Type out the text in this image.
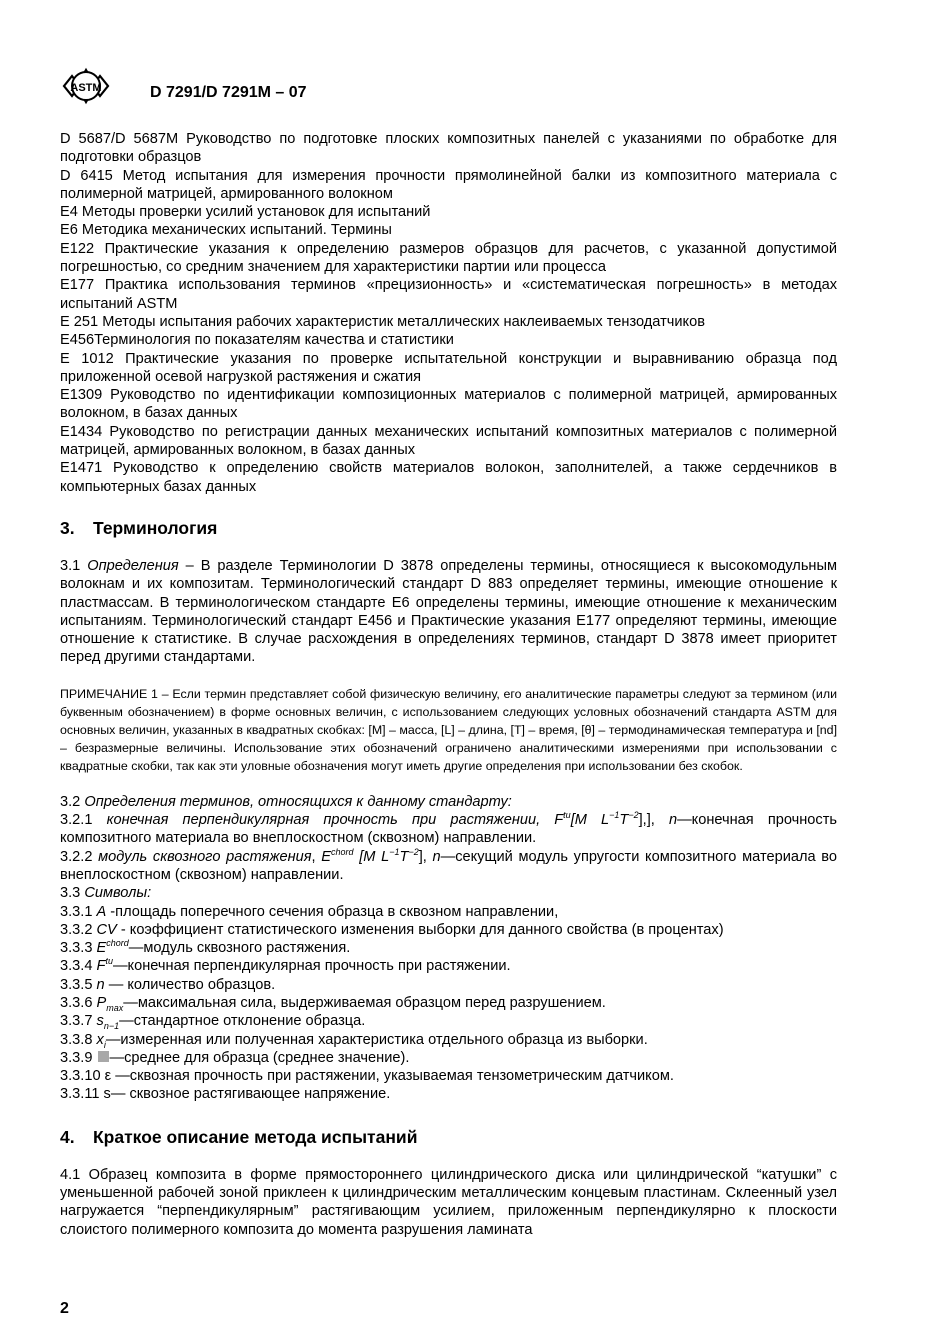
ASTM	D 7291/D 7291M – 07

D 5687/D 5687M Руководство по подготовке плоских композитных панелей с указаниями по обработке для подготовки образцов

D 6415 Метод испытания для измерения прочности прямолинейной балки из композитного материала с полимерной матрицей, армированного волокном

E4 Методы проверки усилий установок для испытаний

E6 Методика механических испытаний. Термины

E122 Практические указания к определению размеров образцов для расчетов, с указанной допустимой погрешностью, со средним значением для характеристики партии или процесса

E177 Практика использования терминов «прецизионность» и «систематическая погрешность» в методах испытаний ASTM

E 251 Методы испытания рабочих характеристик металлических наклеиваемых тензодатчиков

E456Терминология по показателям качества и статистики

E 1012 Практические указания по проверке испытательной конструкции и выравниванию образца под приложенной осевой нагрузкой растяжения и сжатия

E1309 Руководство по идентификации композиционных материалов с полимерной матрицей, армированных волокном, в базах данных

E1434 Руководство по регистрации данных механических испытаний композитных материалов с полимерной матрицей, армированных волокном, в базах данных

E1471 Руководство к определению свойств материалов волокон, заполнителей, а также сердечников в компьютерных базах данных

3. Терминология

3.1 Определения – В разделе Терминологии D 3878 определены термины, относящиеся к высокомодульным волокнам и их композитам. Терминологический стандарт D 883 определяет термины, имеющие отношение к пластмассам. В терминологическом стандарте E6 определены термины, имеющие отношение к механическим испытаниям. Терминологический стандарт E456 и Практические указания E177 определяют термины, имеющие отношение к статистике. В случае расхождения в определениях терминов, стандарт D 3878 имеет приоритет перед другими стандартами.

ПРИМЕЧАНИЕ 1 – Если термин представляет собой физическую величину, его аналитические параметры следуют за термином (или буквенным обозначением) в форме основных величин, с использованием следующих условных обозначений стандарта ASTM для основных величин, указанных в квадратных скобках: [M] – масса, [L] – длина, [T] – время, [θ] – термодинамическая температура и [nd] – безразмерные величины. Использование этих обозначений ограничено аналитическими измерениями при использовании с квадратные скобки, так как эти уловные обозначения могут иметь другие определения при использовании без скобок.

3.2 Определения терминов, относящихся к данному стандарту:

3.2.1 конечная перпендикулярная прочность при растяжении, $F^{tu}[M$ $L^{-1}T^{-2}$],], n—конечная прочность композитного материала во внеплоскостном (сквозном) направлении.

3.2.2 модуль сквозного растяжения, $E^{chord}$ [M $L^{-1}T^{-2}$], n—секущий модуль упругости композитного материала во внеплоскостном (сквозном) направлении.

3.3 Символы:

3.3.1 A -площадь поперечного сечения образца в сквозном направлении,

3.3.2 CV - коэффициент статистического изменения выборки для данного свойства (в процентах)

3.3.3 $E^{chord}—модуль$ сквозного растяжения.

3.3.4 $F^{tu}—конечная$ перпендикулярная прочность при растяжении.

3.3.5 n — количество образцов.

3.3.6 $P_{max}—максимальная$ сила, выдерживаемая образцом перед разрушением.

3.3.7 $s_{n-1}—стандартное$ отклонение образца.

3.3.8 $x_i—измеренная$ или полученная характеристика отдельного образца из выборки.

3.3.9 —среднее для образца (среднее значение).

3.3.10 ε —сквозная прочность при растяжении, указываемая тензометрическим датчиком.

3.3.11 s— сквозное растягивающее напряжение.

4. Краткое описание метода испытаний

4.1 Образец композита в форме прямостороннего цилиндрического диска или цилиндрической “катушки” с уменьшенной рабочей зоной приклеен к цилиндрическим металлическим концевым пластинам. Склеенный узел нагружается “перпендикулярным” растягивающим усилием, приложенным перпендикулярно к плоскости слоистого полимерного композита до момента разрушения ламината

2
